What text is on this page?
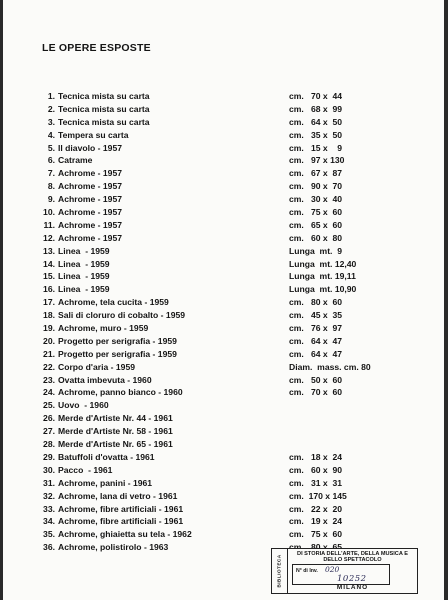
LE OPERE ESPOSTE
1. Tecnica mista su carta	cm.   70 x  44
2. Tecnica mista su carta	cm.   68 x  99
3. Tecnica mista su carta	cm.   64 x  50
4. Tempera su carta	cm.   35 x  50
5. Il diavolo - 1957	cm.   15 x    9
6. Catrame	cm.   97 x 130
7. Achrome - 1957	cm.   67 x  87
8. Achrome - 1957	cm.   90 x  70
9. Achrome - 1957	cm.   30 x  40
10. Achrome - 1957	cm.   75 x  60
11. Achrome - 1957	cm.   65 x  60
12. Achrome - 1957	cm.   60 x  80
13. Linea  - 1959	Lunga  mt.  9
14. Linea  - 1959	Lunga  mt. 12,40
15. Linea  - 1959	Lunga  mt. 19,11
16. Linea  - 1959	Lunga  mt. 10,90
17. Achrome, tela cucita - 1959	cm.   80 x  60
18. Sali di cloruro di cobalto - 1959	cm.   45 x  35
19. Achrome, muro - 1959	cm.   76 x  97
20. Progetto per serigrafia - 1959	cm.   64 x  47
21. Progetto per serigrafia - 1959	cm.   64 x  47
22. Corpo d'aria - 1959	Diam.  mass. cm. 80
23. Ovatta imbevuta - 1960	cm.   50 x  60
24. Achrome, panno bianco - 1960	cm.   70 x  60
25. Uovo  - 1960
26. Merde d'Artiste Nr. 44 - 1961
27. Merde d'Artiste Nr. 58 - 1961
28. Merde d'Artiste Nr. 65 - 1961
29. Batuffoli d'ovatta - 1961	cm.   18 x  24
30. Pacco  - 1961	cm.   60 x  90
31. Achrome, panini - 1961	cm.   31 x  31
32. Achrome, lana di vetro - 1961	cm.  170 x 145
33. Achrome, fibre artificiali - 1961	cm.   22 x  20
34. Achrome, fibre artificiali - 1961	cm.   19 x  24
35. Achrome, ghiaietta su tela - 1962	cm.   75 x  60
36. Achrome, polistirolo - 1963
BIBLIOTECA
DI STORIA DELL'ARTE, DELLA MUSICA E DELLO SPETTACOLO
N° di Inv. 020
10252
MILANO
